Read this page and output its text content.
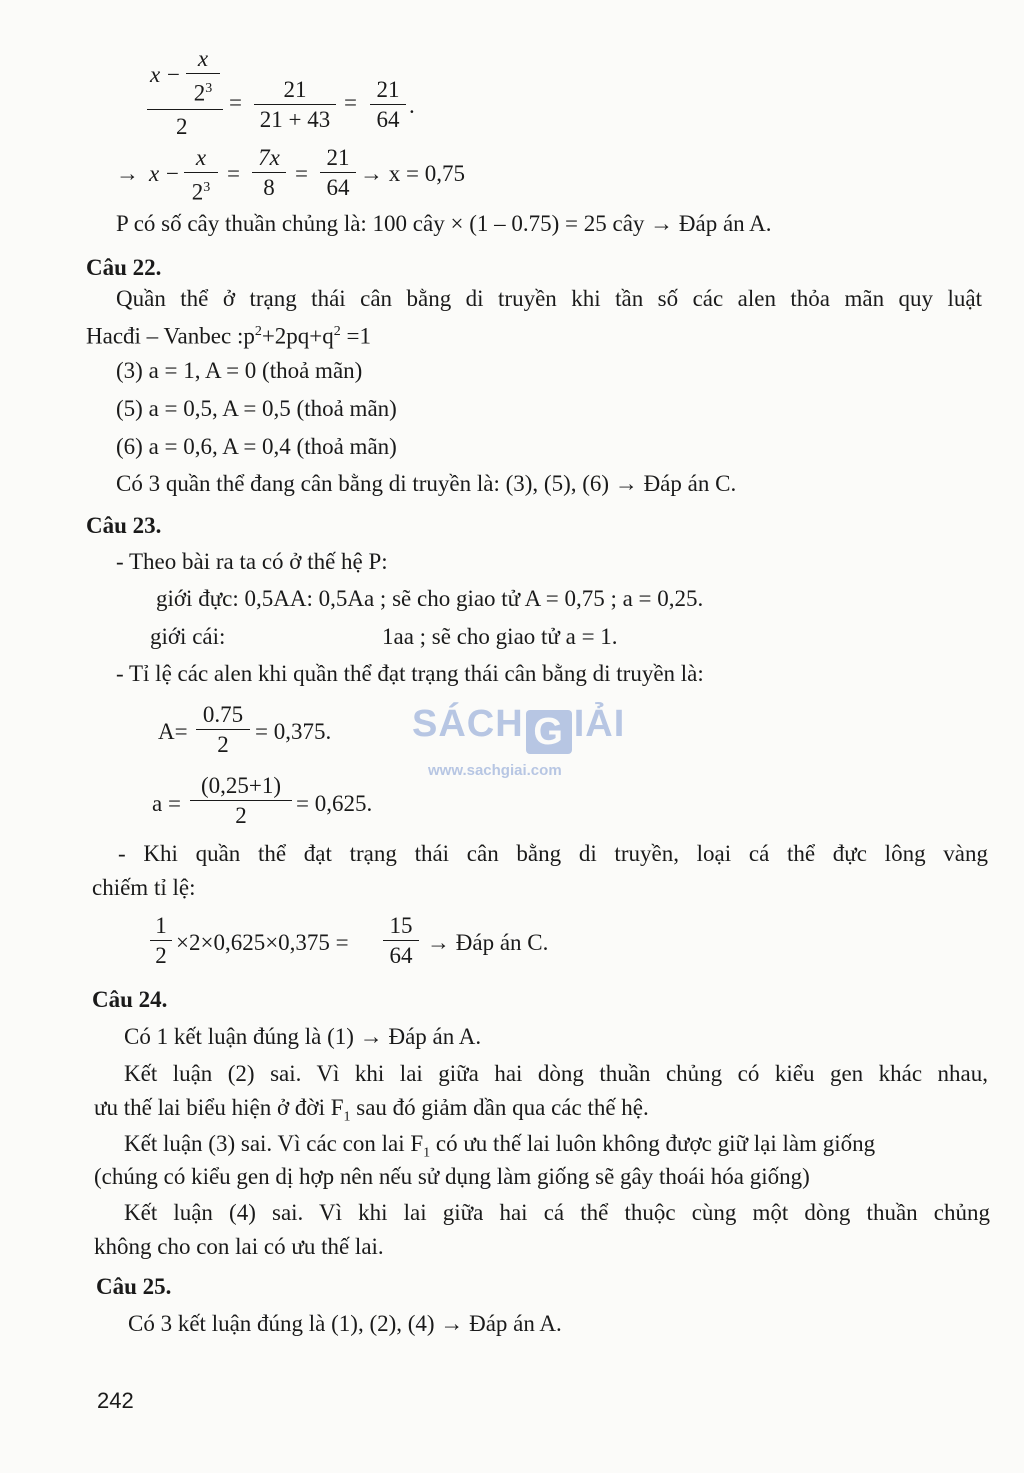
x −
x
$2^3$
2
=
21
21 + 43
=
21
64
.
→ x −
x
$2^3$
=
7x
8
=
21
64
→ x = 0,75
P có số cây thuần chủng là: 100 cây × (1 – 0.75) = 25 cây → Đáp án A.
Câu 22.
Quần thể ở trạng thái cân bằng di truyền khi tần số các alen thỏa mãn quy luật
Hacđi – Vanbec $:p^2+2pq+q^2 =1$
(3) a = 1, A = 0 (thoả mãn)
(5) a = 0,5, A = 0,5 (thoả mãn)
(6) a = 0,6, A = 0,4 (thoả mãn)
Có 3 quần thể đang cân bằng di truyền là: (3), (5), (6) → Đáp án C.
Câu 23.
- Theo bài ra ta có ở thế hệ P:
giới đực: 0,5AA: 0,5Aa ; sẽ cho giao tử A = 0,75 ; a = 0,25.
giới cái:	1aa ; sẽ cho giao tử a = 1.
- Tỉ lệ các alen khi quần thể đạt trạng thái cân bằng di truyền là:
A=
0.75
2
= 0,375. SÁCH G IẢI
www.sachgiai.com
a =
(0,25+1)
2	= 0,625.
- Khi quần thể đạt trạng thái cân bằng di truyền, loại cá thể đực lông vàng
chiếm tỉ lệ:
1
2
×2×0,625×0,375 =
15
64
→ Đáp án C.
Câu 24.
Có 1 kết luận đúng là (1) → Đáp án A.
Kết luận (2) sai. Vì khi lai giữa hai dòng thuần chủng có kiểu gen khác nhau,
ưu thế lai biểu hiện ở đời $F_1$ sau đó giảm dần qua các thế hệ.
Kết luận (3) sai. Vì các con lai $F_1$ có ưu thế lai luôn không được giữ lại làm giống
(chúng có kiểu gen dị hợp nên nếu sử dụng làm giống sẽ gây thoái hóa giống)
Kết luận (4) sai. Vì khi lai giữa hai cá thể thuộc cùng một dòng thuần chủng
không cho con lai có ưu thế lai.
Câu 25.
Có 3 kết luận đúng là (1), (2), (4) → Đáp án A.
242
